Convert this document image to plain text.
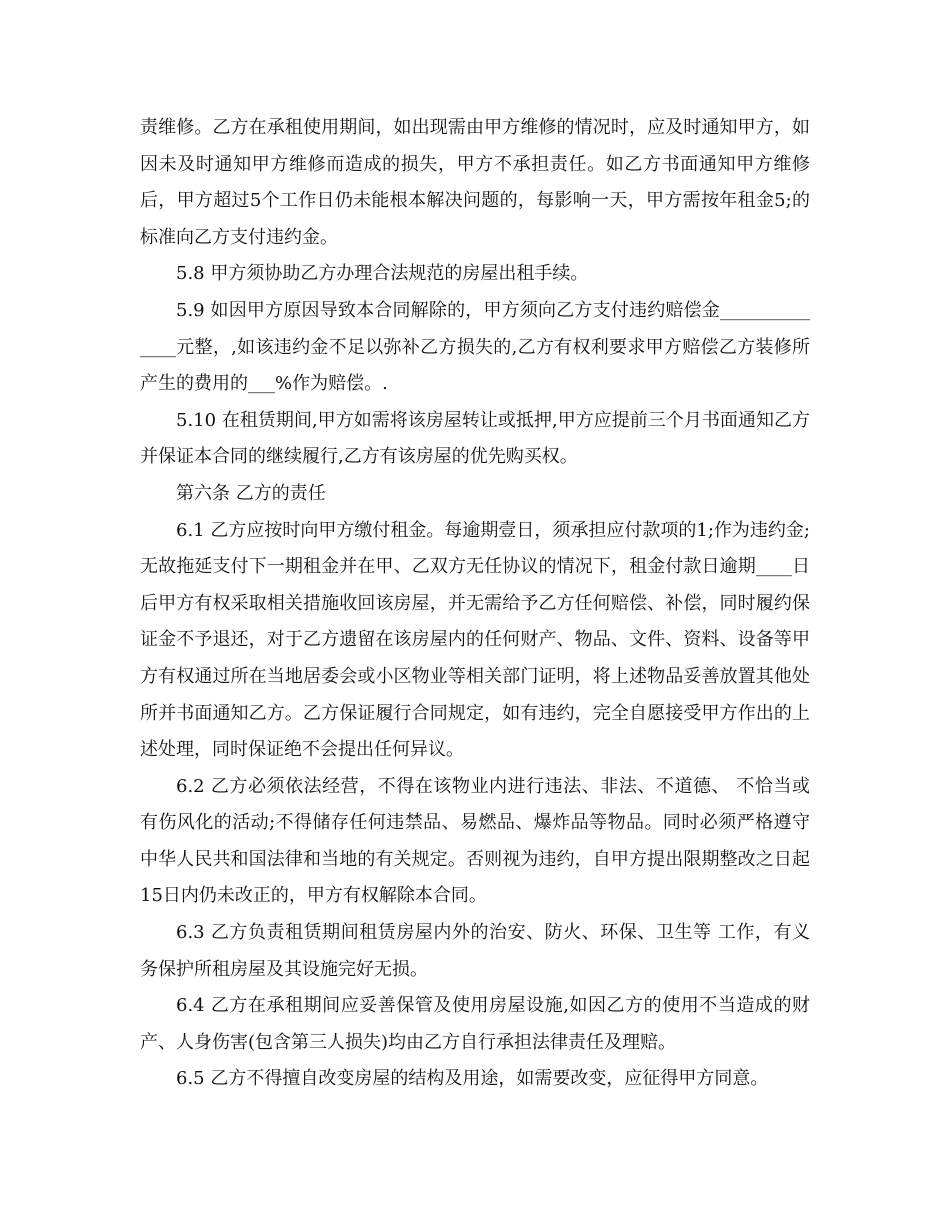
责维修。乙方在承租使用期间，如出现需由甲方维修的情况时，应及时通知甲方，如因未及时通知甲方维修而造成的损失，甲方不承担责任。如乙方书面通知甲方维修后，甲方超过5个工作日仍未能根本解决问题的，每影响一天，甲方需按年租金5;的标准向乙方支付违约金。

5.8 甲方须协助乙方办理合法规范的房屋出租手续。

5.9 如因甲方原因导致本合同解除的，甲方须向乙方支付违约赔偿金______________元整，,如该违约金不足以弥补乙方损失的,乙方有权利要求甲方赔偿乙方装修所产生的费用的___%作为赔偿。.

5.10 在租赁期间,甲方如需将该房屋转让或抵押,甲方应提前三个月书面通知乙方并保证本合同的继续履行,乙方有该房屋的优先购买权。

第六条 乙方的责任

6.1 乙方应按时向甲方缴付租金。每逾期壹日，须承担应付款项的1;作为违约金;无故拖延支付下一期租金并在甲、乙双方无任协议的情况下，租金付款日逾期____日后甲方有权采取相关措施收回该房屋，并无需给予乙方任何赔偿、补偿，同时履约保证金不予退还，对于乙方遗留在该房屋内的任何财产、物品、文件、资料、设备等甲方有权通过所在当地居委会或小区物业等相关部门证明，将上述物品妥善放置其他处所并书面通知乙方。乙方保证履行合同规定，如有违约，完全自愿接受甲方作出的上述处理，同时保证绝不会提出任何异议。

6.2 乙方必须依法经营，不得在该物业内进行违法、非法、不道德、 不恰当或有伤风化的活动;不得储存任何违禁品、易燃品、爆炸品等物品。同时必须严格遵守中华人民共和国法律和当地的有关规定。否则视为违约，自甲方提出限期整改之日起15日内仍未改正的，甲方有权解除本合同。

6.3 乙方负责租赁期间租赁房屋内外的治安、防火、环保、卫生等 工作，有义务保护所租房屋及其设施完好无损。

6.4 乙方在承租期间应妥善保管及使用房屋设施,如因乙方的使用不当造成的财产、人身伤害(包含第三人损失)均由乙方自行承担法律责任及理赔。

6.5 乙方不得擅自改变房屋的结构及用途，如需要改变，应征得甲方同意。
